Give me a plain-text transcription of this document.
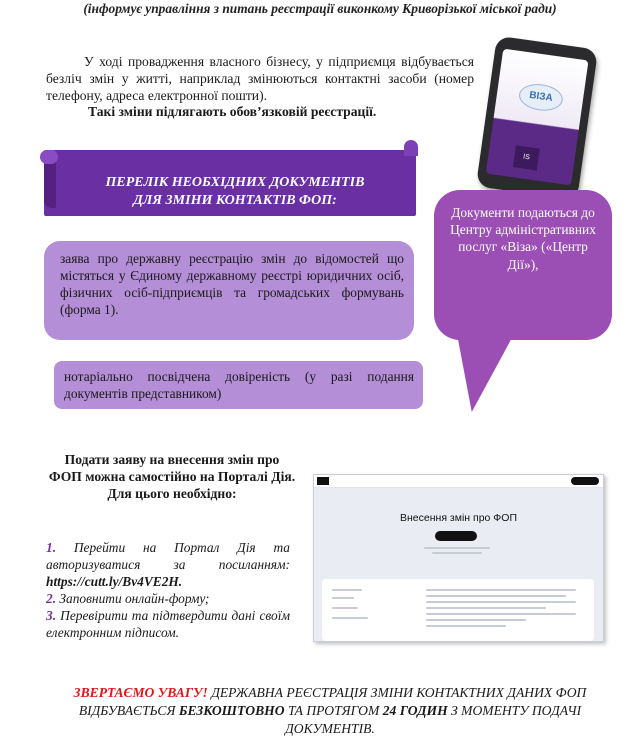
(інформує управління з питань реєстрації виконкому Криворізької міської ради)
У ході провадження власного бізнесу, у підприємця відбувається безліч змін у житті, наприклад змінюються контактні засоби (номер телефону, адреса електронної пошти).
Такі зміни підлягають обов’язковій реєстрації.
ВІЗА
IS
ПЕРЕЛІК НЕОБХІДНИХ ДОКУМЕНТІВ
ДЛЯ ЗМІНИ КОНТАКТІВ ФОП:
заява про державну реєстрацію змін до відомостей що містяться у Єдиному державному реєстрі юридичних осіб, фізичних осіб-підприємців та громадських формувань (форма 1).
нотаріально посвідчена довіреність (у разі подання документів представником)
Документи подаються до Центру адміністративних послуг «Віза» («Центр Дії»),
Подати заяву на внесення змін про ФОП можна самостійно на Порталі Дія. Для цього необхідно:
1. Перейти на Портал Дія та авторизуватися за посиланням: https://cutt.ly/Bv4VE2H.
2. Заповнити онлайн-форму;
3. Перевірити та підтвердити дані своїм електронним підписом.
Внесення змін про ФОП
ЗВЕРТАЄМО УВАГУ! ДЕРЖАВНА РЕЄСТРАЦІЯ ЗМІНИ КОНТАКТНИХ ДАНИХ ФОП ВІДБУВАЄТЬСЯ БЕЗКОШТОВНО ТА ПРОТЯГОМ 24 ГОДИН З МОМЕНТУ ПОДАЧІ ДОКУМЕНТІВ.
